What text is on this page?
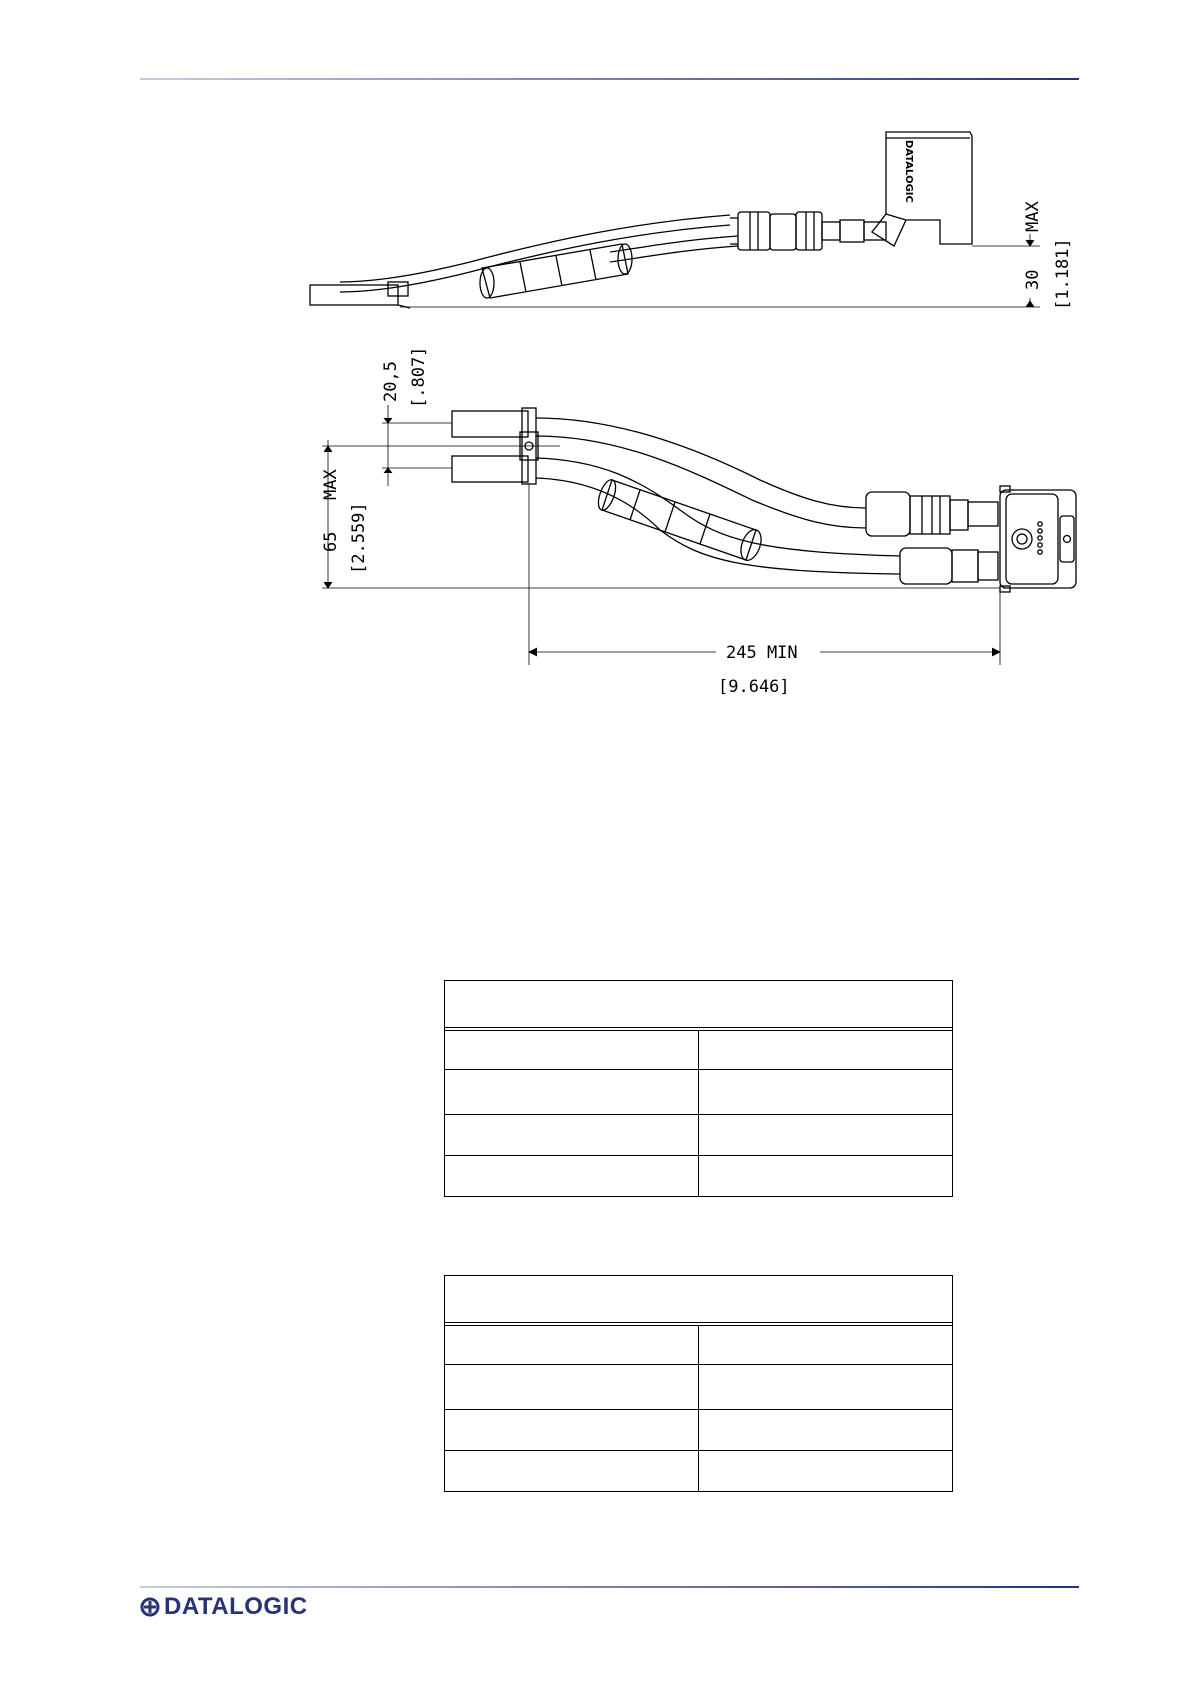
DATALOGIC
30
MAX
[1.181]
20,5 [.807]
65
MAX
[2.559]
245 MIN
[9.646]
DATALOGIC
